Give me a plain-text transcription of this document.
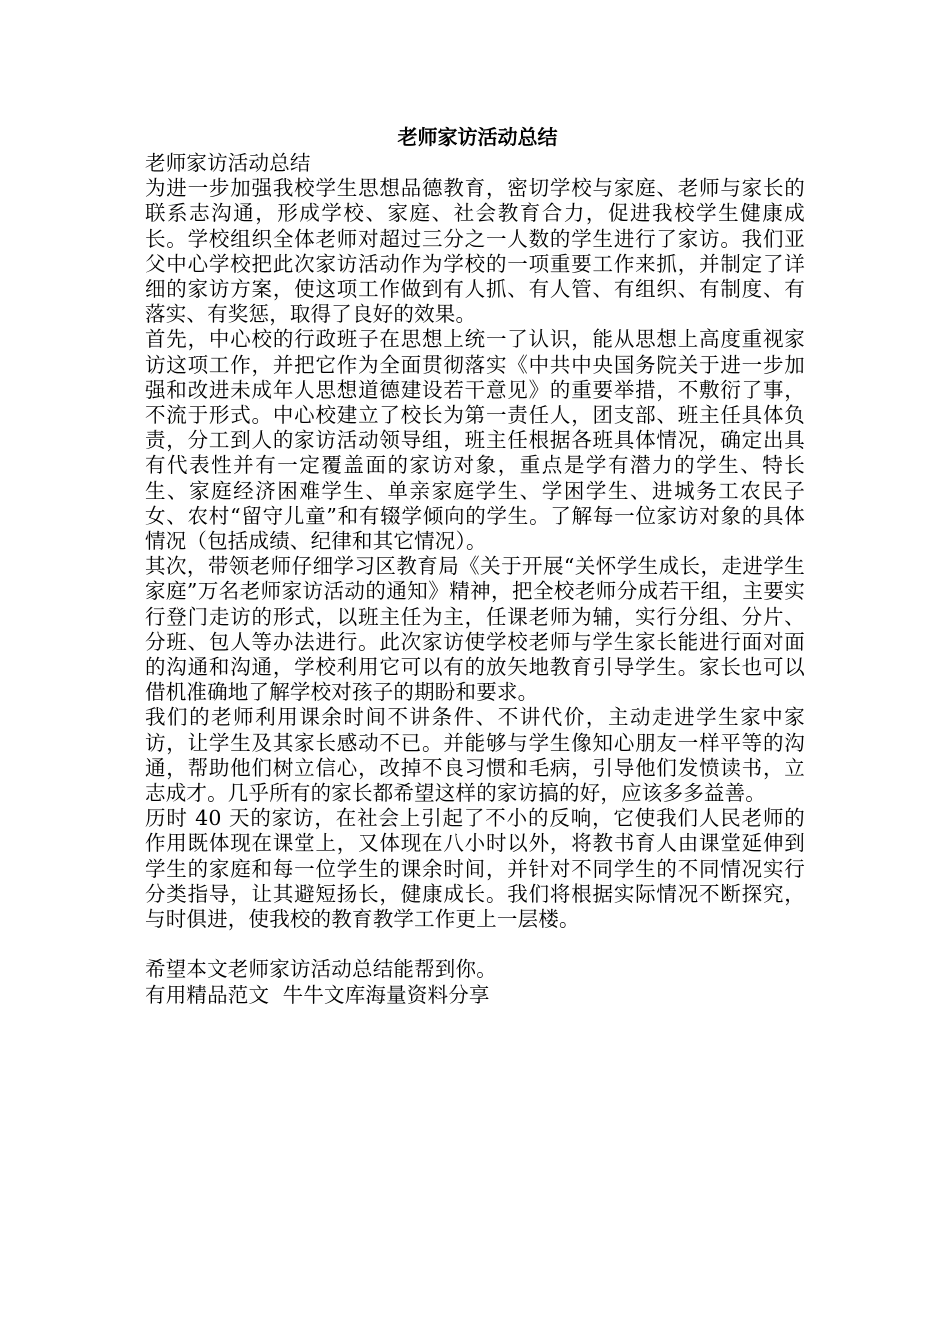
老师家访活动总结

老师家访活动总结

为进一步加强我校学生思想品德教育，密切学校与家庭、老师与家长的联系志沟通，形成学校、家庭、社会教育合力，促进我校学生健康成长。学校组织全体老师对超过三分之一人数的学生进行了家访。我们亚父中心学校把此次家访活动作为学校的一项重要工作来抓，并制定了详细的家访方案，使这项工作做到有人抓、有人管、有组织、有制度、有落实、有奖惩，取得了良好的效果。

首先，中心校的行政班子在思想上统一了认识，能从思想上高度重视家访这项工作，并把它作为全面贯彻落实《中共中央国务院关于进一步加强和改进未成年人思想道德建设若干意见》的重要举措，不敷衍了事，不流于形式。中心校建立了校长为第一责任人，团支部、班主任具体负责，分工到人的家访活动领导组，班主任根据各班具体情况，确定出具有代表性并有一定覆盖面的家访对象，重点是学有潜力的学生、特长生、家庭经济困难学生、单亲家庭学生、学困学生、进城务工农民子女、农村“留守儿童”和有辍学倾向的学生。了解每一位家访对象的具体情况（包括成绩、纪律和其它情况）。

其次，带领老师仔细学习区教育局《关于开展“关怀学生成长，走进学生家庭”万名老师家访活动的通知》精神，把全校老师分成若干组，主要实行登门走访的形式，以班主任为主，任课老师为辅，实行分组、分片、分班、包人等办法进行。此次家访使学校老师与学生家长能进行面对面的沟通和沟通，学校利用它可以有的放矢地教育引导学生。家长也可以借机准确地了解学校对孩子的期盼和要求。

我们的老师利用课余时间不讲条件、不讲代价，主动走进学生家中家访，让学生及其家长感动不已。并能够与学生像知心朋友一样平等的沟通，帮助他们树立信心，改掉不良习惯和毛病，引导他们发愤读书，立志成才。几乎所有的家长都希望这样的家访搞的好，应该多多益善。

历时 40 天的家访，在社会上引起了不小的反响，它使我们人民老师的作用既体现在课堂上，又体现在八小时以外，将教书育人由课堂延伸到学生的家庭和每一位学生的课余时间，并针对不同学生的不同情况实行分类指导，让其避短扬长，健康成长。我们将根据实际情况不断探究，与时俱进，使我校的教育教学工作更上一层楼。

希望本文老师家访活动总结能帮到你。

有用精品范文  牛牛文库海量资料分享
